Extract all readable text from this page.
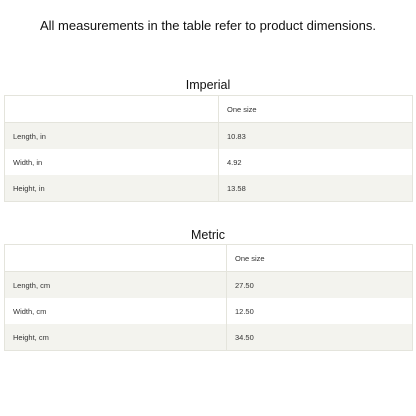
All measurements in the table refer to product dimensions.
Imperial
	One size
Length, in	10.83
Width, in	4.92
Height, in	13.58
Metric
	One size
Length, cm	27.50
Width, cm	12.50
Height, cm	34.50
